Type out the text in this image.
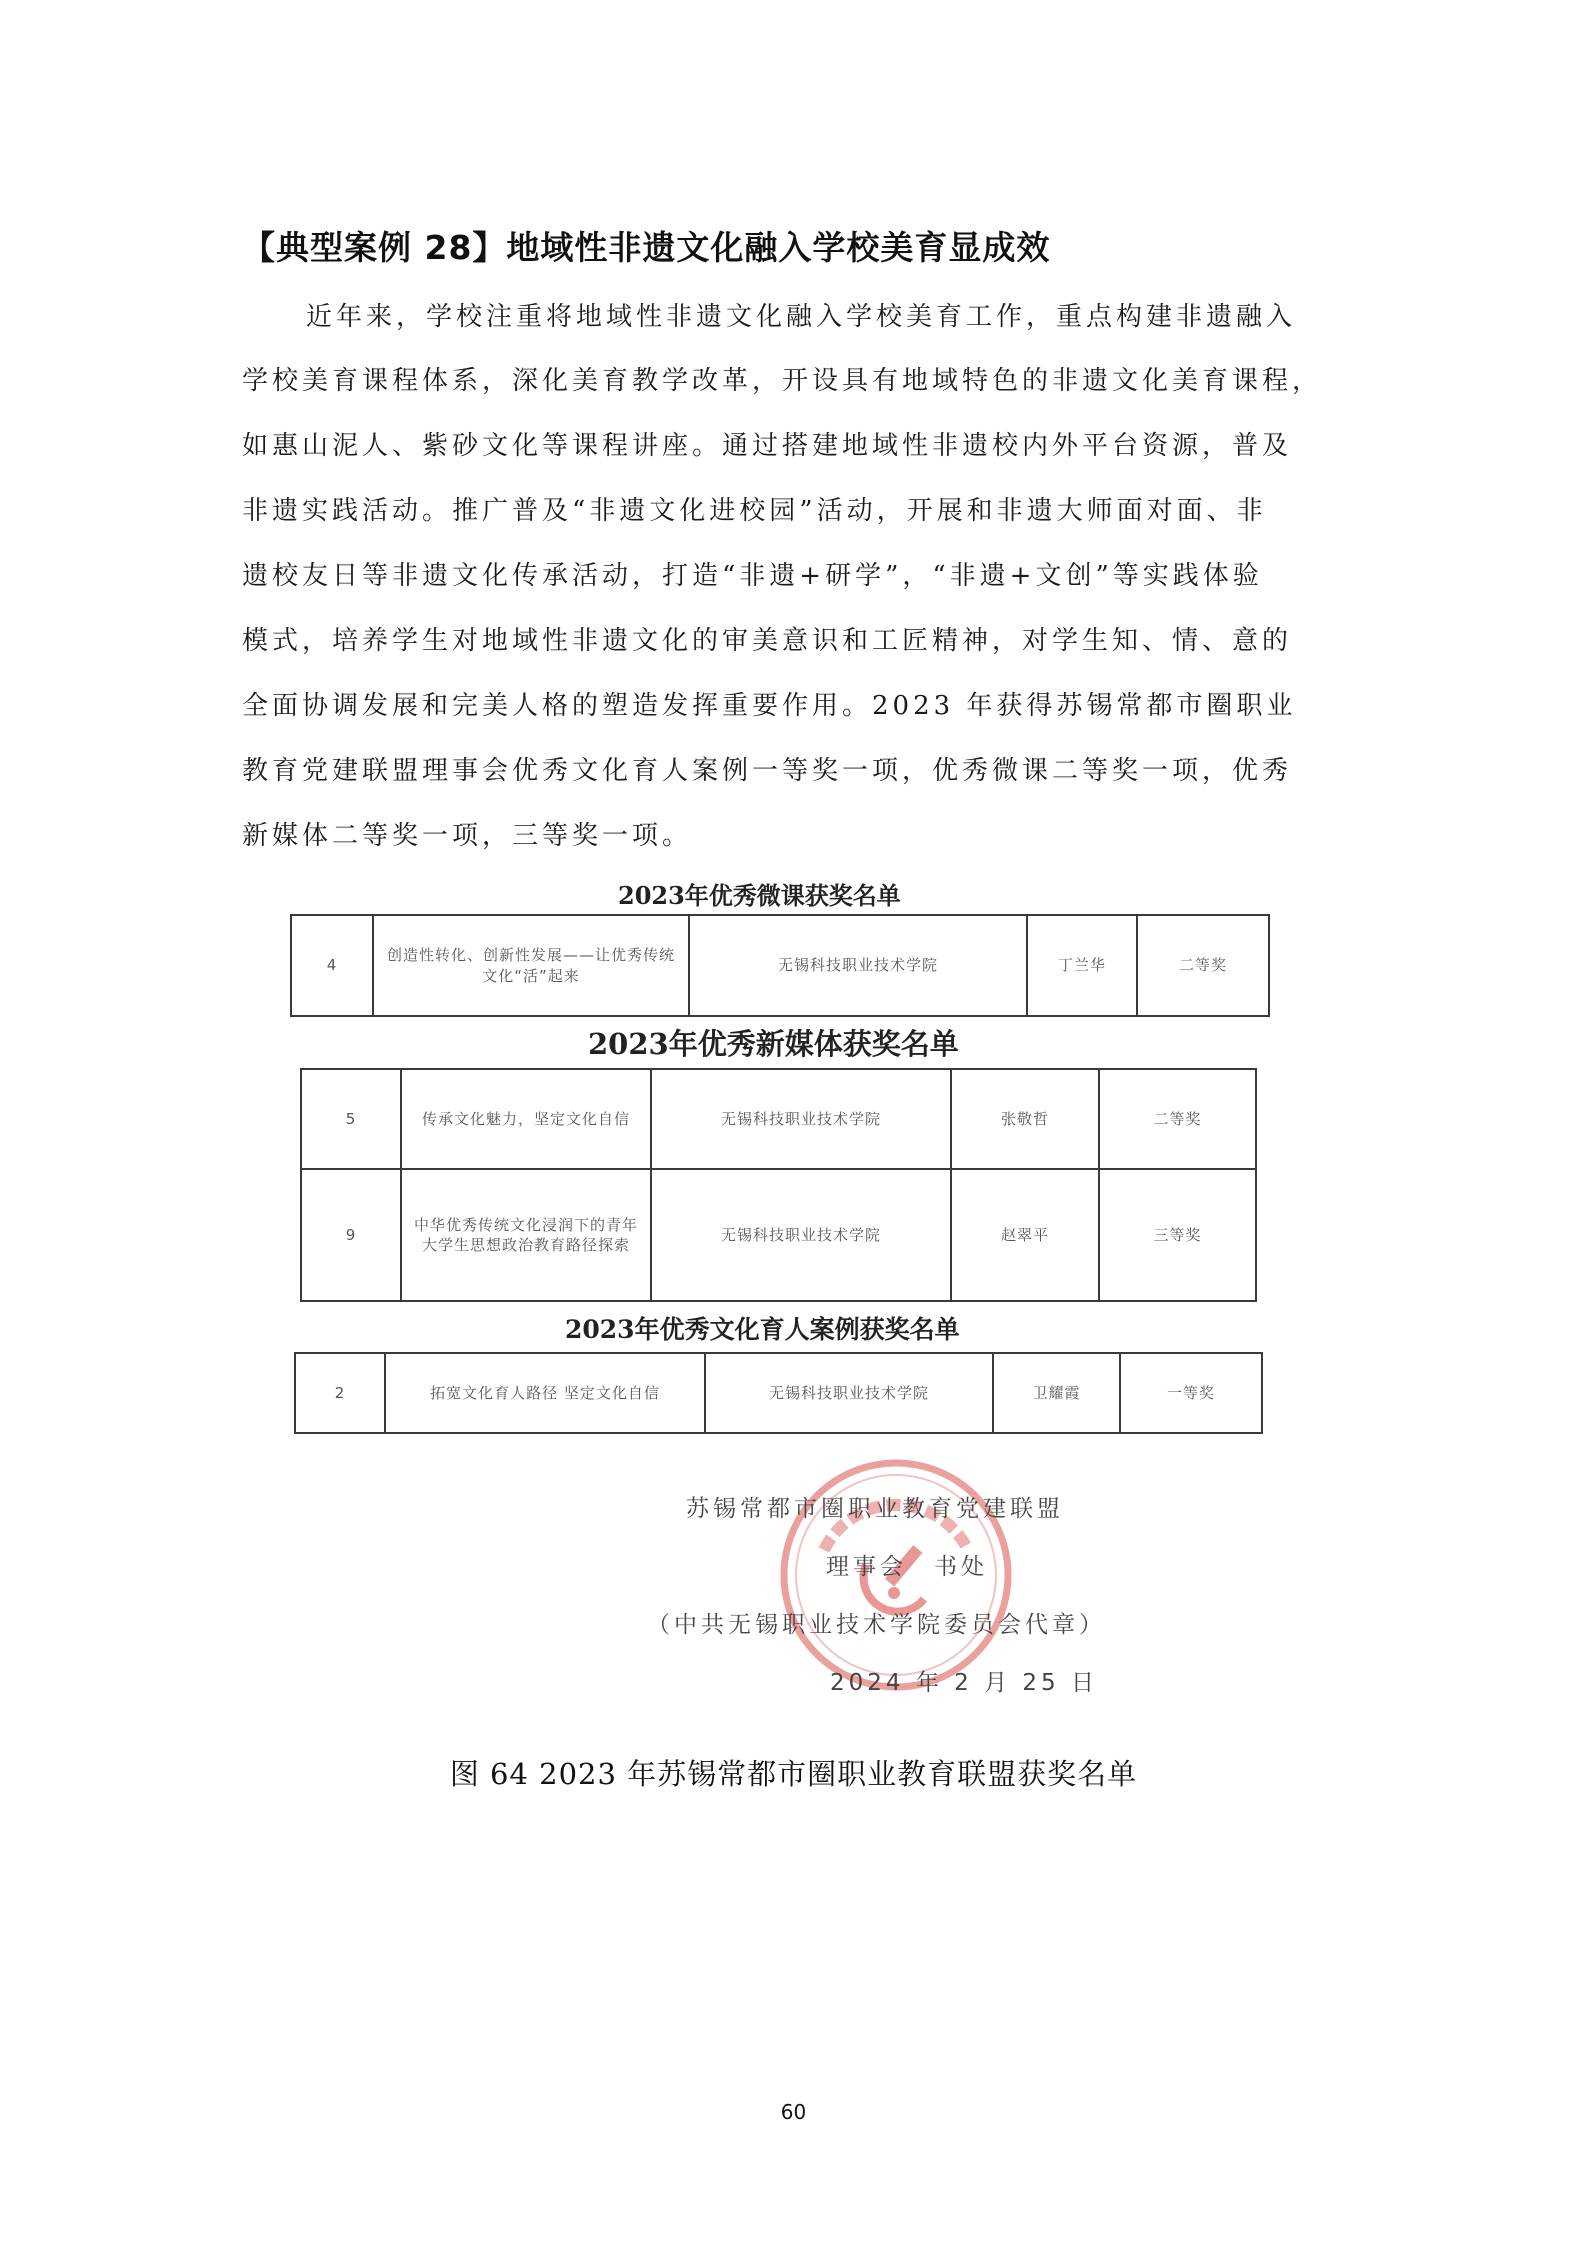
【典型案例 28】地域性非遗文化融入学校美育显成效
近年来，学校注重将地域性非遗文化融入学校美育工作，重点构建非遗融入
学校美育课程体系，深化美育教学改革，开设具有地域特色的非遗文化美育课程，
如惠山泥人、紫砂文化等课程讲座。通过搭建地域性非遗校内外平台资源，普及
非遗实践活动。推广普及“非遗文化进校园”活动，开展和非遗大师面对面、非
遗校友日等非遗文化传承活动，打造“非遗+研学”，“非遗+文创”等实践体验
模式，培养学生对地域性非遗文化的审美意识和工匠精神，对学生知、情、意的
全面协调发展和完美人格的塑造发挥重要作用。2023 年获得苏锡常都市圈职业
教育党建联盟理事会优秀文化育人案例一等奖一项，优秀微课二等奖一项，优秀
新媒体二等奖一项，三等奖一项。
2023年优秀微课获奖名单
4	创造性转化、创新性发展——让优秀传统文化“活”起来	无锡科技职业技术学院	丁兰华	二等奖
2023年优秀新媒体获奖名单
5	传承文化魅力，坚定文化自信	无锡科技职业技术学院	张敬哲	二等奖
9	中华优秀传统文化浸润下的青年大学生思想政治教育路径探索	无锡科技职业技术学院	赵翠平	三等奖
2023年优秀文化育人案例获奖名单
2	拓宽文化育人路径 坚定文化自信	无锡科技职业技术学院	卫耀霞	一等奖
苏锡常都市圈职业教育党建联盟
理事会　书处
（中共无锡职业技术学院委员会代章）
2024 年 2 月 25 日
图 64 2023 年苏锡常都市圈职业教育联盟获奖名单
60
